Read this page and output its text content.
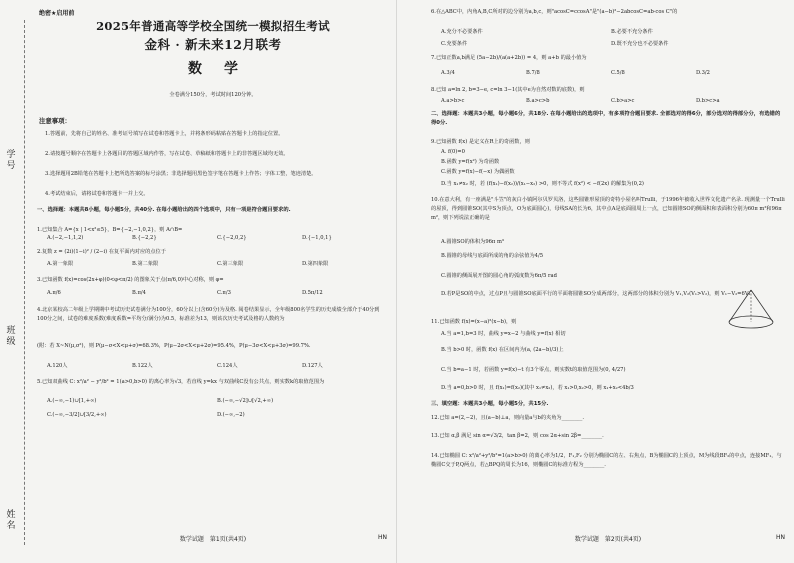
学号
班级
姓名
绝密★启用前
2025年普通高等学校全国统一模拟招生考试
金科 · 新未来12月联考
数学
全卷满分150分，考试时间120分钟。
注意事项：
1.答题前，先将自己的姓名、准考证号填写在试卷和答题卡上，并将条形码粘贴在答题卡上的指定位置。
2.请按题号顺序在答题卡上各题目的答题区域内作答，写在试卷、草稿纸和答题卡上的非答题区域均无效。
3.选择题用2B铅笔在答题卡上把所选答案的标号涂黑；非选择题用黑色签字笔在答题卡上作答；字体工整，笔迹清楚。
4.考试结束后，请将试卷和答题卡一并上交。
一、选择题：本题共8小题，每小题5分，共40分. 在每小题给出的四个选项中，只有一项是符合题目要求的.
1.已知集合 A={x | 1<x²≤5}，B={−2,−1,0,2}，则 A∩B=
A.(−2,−1,1,2)	B.{−2,2}	C.{−2,0,2}	D.{−1,0,1}
2.复数 z = (2i)(1−i)² / (2−i) 在复平面内对应的点位于
A.第一象限	B.第二象限	C.第三象限	D.第四象限
3.已知函数 f(x)=cos(2x+φ)(0<φ<π/2) 的图象关于点(π/6,0)中心对称，则 φ=
A.π/6	B.π/4	C.π/3	D.5π/12
4.北京某校高二年级上学期期中考试历史试卷满分为100分，60分以上(含60分)为及格. 阅卷结果显示，全年级800名学生的历史成绩全部介于40分到100分之间，试卷的难度系数(难度系数=平均分/满分)为0.5，标准差为13，则该次历史考试及格的人数约为
(附：若 X~N(μ,σ²)，则 P(μ−σ<X<μ+σ)=68.3%，P(μ−2σ<X<μ+2σ)=95.4%，P(μ−3σ<X<μ+3σ)=99.7%.
A.120人	B.122人	C.124人	D.127人
5.已知双曲线 C: x²/a² − y²/b² = 1(a>0,b>0) 的离心率为√3，若直线 y=kx 与双曲线C没有公共点，则实数k的取值范围为
A.(−∞,−1)∪[1,+∞)	B.(−∞,−√2]∪[√2,+∞)
C.(−∞,−3/2]∪[3/2,+∞)	D.(−∞,−2)
数学试题　第1页(共4页)	HN
6.在△ABC中，内角A,B,C所对的边分别为a,b,c，则"acosC=ccosA"是"(a−b)²−2abcosC=ab·cos C"的
A.充分不必要条件	B.必要不充分条件
C.充要条件	D.既不充分也不必要条件
7.已知正数a,b满足 (5a−2b)/(a(a+2b)) = 4，则 a+b 的最小值为
A.3/4	B.7/8	C.5/8	D.3/2
8.已知 a=ln 2, b=3−e, c=ln 3−1(其中e为自然对数的底数)，则
A.a>b>c	B.a>c>b	C.b>a>c	D.b>c>a
二、选择题：本题共3小题，每小题6分，共18分. 在每小题给出的选项中，有多项符合题目要求. 全部选对的得6分，部分选对的得部分分，有选错的得0分.
9.已知函数 f(x) 是定义在R上的奇函数，则
A. f(0)=0
B.函数 y=f(x²) 为奇函数
C.函数 y=f(x)−f(−x) 为偶函数
D.当 x₁≠x₂ 时，若 (f(x₁)−f(x₂))/(x₁−x₂) >0，则不等式 f(x²) < −f(2x) 的解集为(0,2)
10.在意大利，有一座满是"斗笠"的灰白小镇阿尔贝罗贝洛，这些圆锥形屋顶的奇特小屋名叫Trulli，于1996年被收入世界文化遗产名录. 现测量一个Trulli的屋顶，得到圆锥SO(其中S为顶点，O为底面圆心)，母线SA的长为6，其中点A是底面圆周上一点，已知圆锥SO的侧面积和表面积分别为60π m²和96π m²，则下列说法正确的是
A.圆锥SO的体积为96π m³
B.圆锥的母线与底面所成的角的余弦值为4/5
C.圆锥的侧面展开图的圆心角的弧度数为6π/5 rad
D.若P是SO的中点，过点P且与圆锥SO底面平行的平面将圆锥SO分成两部分，这两部分的体积分别为 V₁,V₂(V₁>V₂)，则 V₁−V₂=6V₁
11.已知函数 f(x)=(x−a)²(x−b)，则
A.当 a=1,b=3 时，曲线 y=x−2 与曲线 y=f(x) 相切
B.当 b>0 时，函数 f(x) 在区间内为(a, (2a−b)/3)上
C.当 b=a−1 时，若函数 y=f(x)−t 有3个零点，则实数t的取值范围为(0, 4/27)
D.当 a=0,b>0 时，且 f(x₁)=f(x₂)(其中 x₁≠x₂)，若 x₁>0,x₂>0，则 x₁+x₂<4b/3
三、填空题：本题共3小题，每小题5分，共15分.
12.已知 a=(2,−2)，且(a−b)⊥a，则向量a与b的夹角为________.
13.已知 α,β 满足 sin α=√3/2，tan β=2，则 cos 2α+sin 2β=________.
14.已知椭圆 C: x²/a²+y²/b²=1(a>b>0) 的离心率为1/2，F₁,F₂ 分别为椭圆C的左、右焦点，B为椭圆C的上顶点，M为线段BF₂的中点，连接MF₁，与椭圆C交于P,Q两点，若△BPQ的周长为16，则椭圆C的标准方程为________.
数学试题　第2页(共4页)	HN
